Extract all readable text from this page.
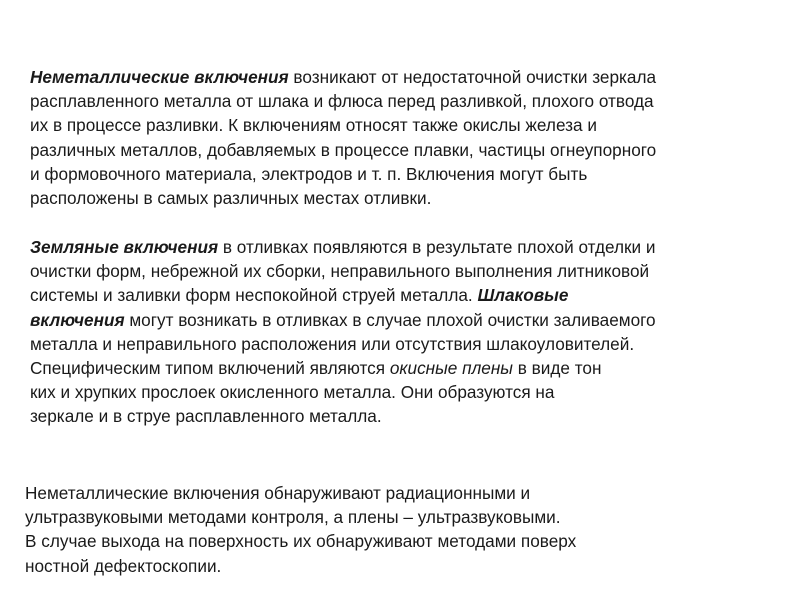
Неметаллические включения возникают от недостаточной очистки зеркала
расплавленного металла от шлака и флюса перед разливкой, плохого отвода
их в процессе разливки. К включениям относят также окислы железа и
различных металлов, добавляемых в процессе плавки, частицы огнеупорного
и формовочного материала, электродов и т. п. Включения могут быть
расположены в самых различных местах отливки.
Земляные включения в отливках появляются в результате плохой отделки и
очистки форм, небрежной их сборки, неправильного выполнения литниковой
системы и заливки форм неспокойной струей металла. Шлаковые
включения могут возникать в отливках в случае плохой очистки заливаемого
металла и неправильного расположения или отсутствия шлакоуловителей.
Специфическим типом включений являются окисные плены в виде тон
ких и хрупких прослоек окисленного металла. Они образуются на
зеркале и в струе расплавленного металла.
Неметаллические включения обнаруживают радиационными и
ультразвуковыми методами контроля, а плены – ультразвуковыми.
В случае выхода на поверхность их обнаруживают методами поверх
ностной дефектоскопии.
